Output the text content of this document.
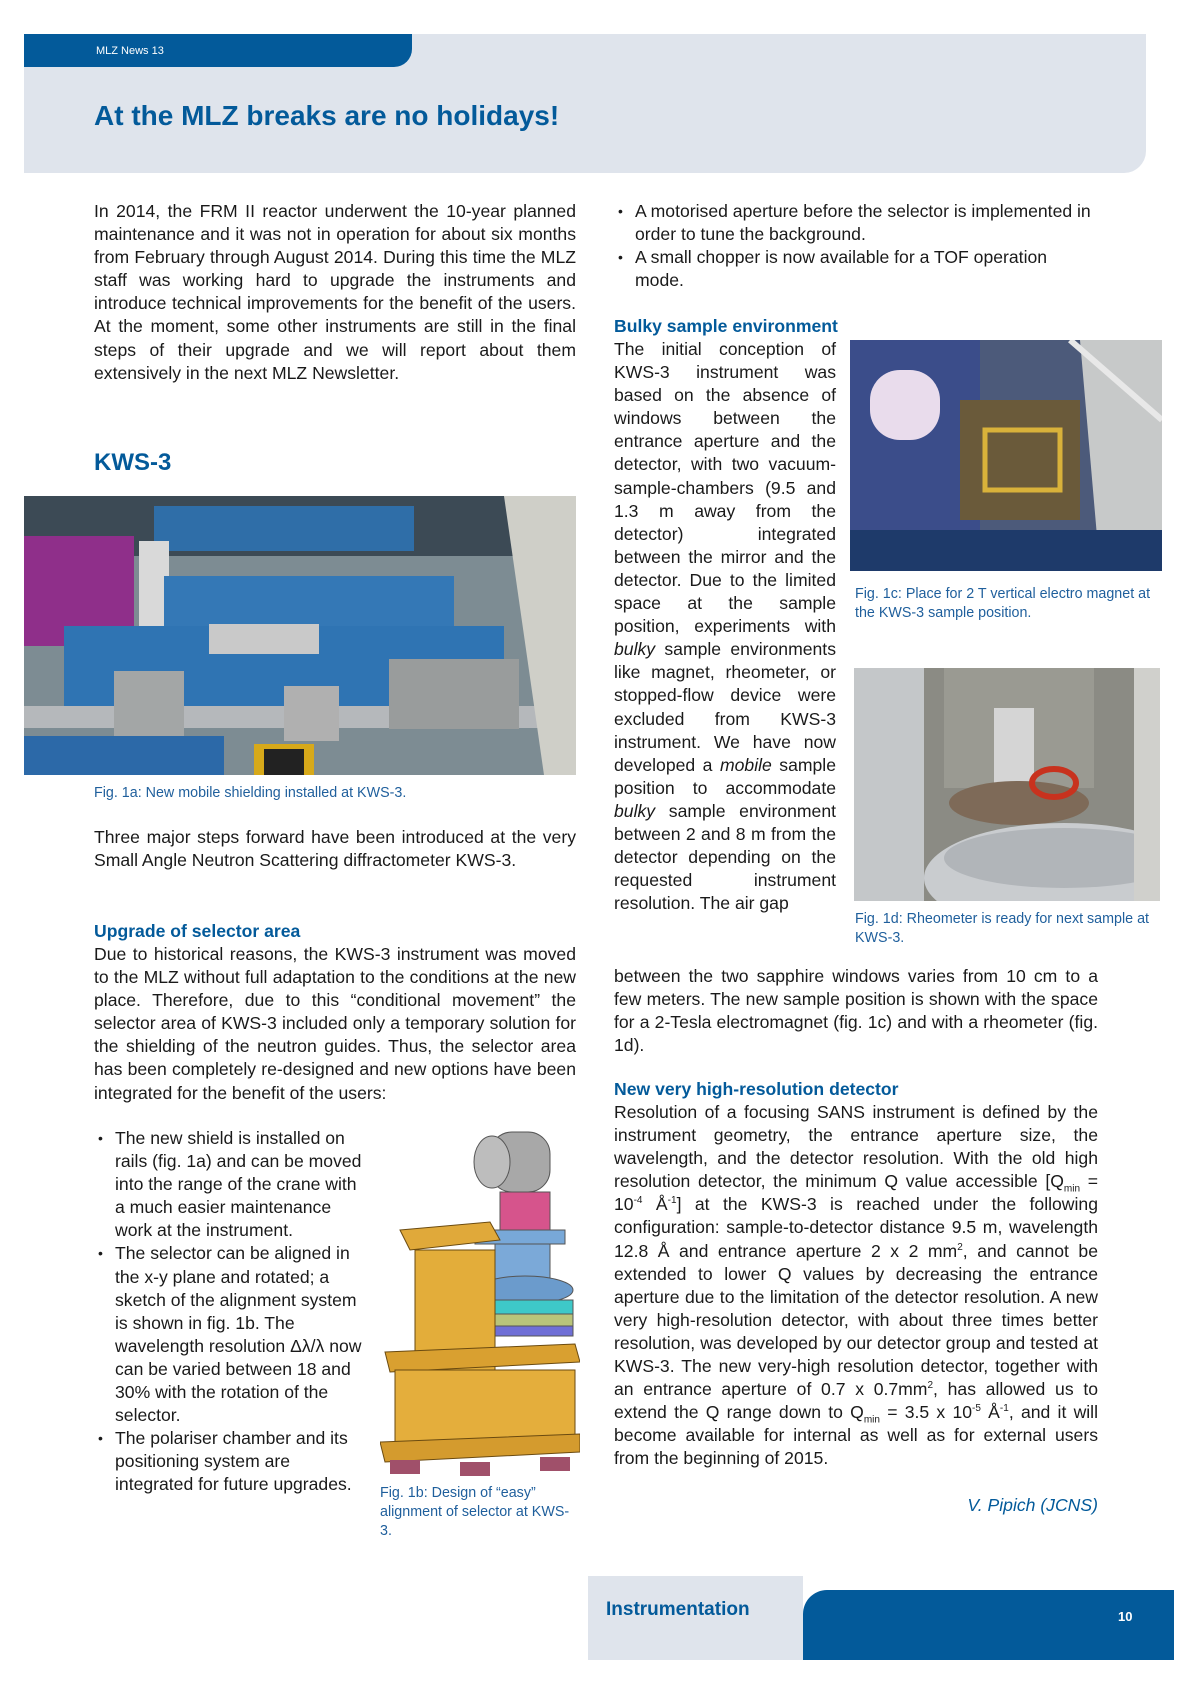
MLZ News 13
At the MLZ breaks are no holidays!
In 2014, the FRM II reactor underwent the 10-year planned maintenance and it was not in operation for about six months from February through August 2014. During this time the MLZ staff was working hard to upgrade the instruments and introduce technical improvements for the benefit of the users. At the moment, some other instruments are still in the final steps of their upgrade and we will report about them extensively in the next MLZ Newsletter.
KWS-3
Fig. 1a: New mobile shielding installed at KWS-3.
Three major steps forward have been introduced at the very Small Angle Neutron Scattering diffractometer KWS-3.
Upgrade of selector area
Due to historical reasons, the KWS-3 instrument was moved to the MLZ without full adaptation to the conditions at the new place. Therefore, due to this “conditional movement” the selector area of KWS-3 included only a temporary solution for the shielding of the neutron guides. Thus, the selector area has been completely re-designed and new options have been integrated for the benefit of the users:
• The new shield is installed on rails (fig. 1a) and can be moved into the range of the crane with a much easier maintenance work at the instrument.
• The selector can be aligned in the x-y plane and rotated; a sketch of the alignment system is shown in fig. 1b. The wavelength resolution Δλ/λ now can be varied between 18 and 30% with the rotation of the selector.
• The polariser chamber and its positioning system are integrated for future upgrades.	Fig. 1b: Design of “easy” alignment of selector at KWS-3.
• A motorised aperture before the selector is implemented in order to tune the background.
• A small chopper is now available for a TOF operation mode.
Bulky sample environment
The initial conception of KWS-3 instrument was based on the absence of windows between the entrance aperture and the detector, with two vacuum-sample-chambers (9.5 and 1.3 m away from the detector) integrated between the mirror and the detector. Due to the limited space at the sample position, experiments with bulky sample environments like magnet, rheometer, or stopped-flow device were excluded from KWS-3 instrument. We have now developed a mobile sample position to accommodate bulky sample environment between 2 and 8 m from the detector depending on the requested instrument resolution. The air gap
Fig. 1c: Place for 2 T vertical electro magnet at the KWS-3 sample position.
Fig. 1d: Rheometer is ready for next sample at KWS-3.
between the two sapphire windows varies from 10 cm to a few meters. The new sample position is shown with the space for a 2-Tesla electromagnet (fig. 1c) and with a rheometer (fig. 1d).
New very high-resolution detector
Resolution of a focusing SANS instrument is defined by the instrument geometry, the entrance aperture size, the wavelength, and the detector resolution. With the old high resolution detector, the minimum Q value accessible [$Q_{min} = 10^{-4}$ $Å^{-1}$] at the KWS-3 is reached under the following configuration: sample-to-detector distance 9.5 m, wavelength 12.8 Å and entrance aperture 2 x 2 $mm^2$, and cannot be extended to lower Q values by decreasing the entrance aperture due to the limitation of the detector resolution. A new very high-resolution detector, with about three times better resolution, was developed by our detector group and tested at KWS-3. The new very-high resolution detector, together with an entrance aperture of 0.7 x $0.7mm^2$, has allowed us to extend the Q range down to $Q_{min} = 3.5$ x $10^{-5}$ $Å^{-1}$, and it will become available for internal as well as for external users from the beginning of 2015.
V. Pipich (JCNS)
Instrumentation	10
